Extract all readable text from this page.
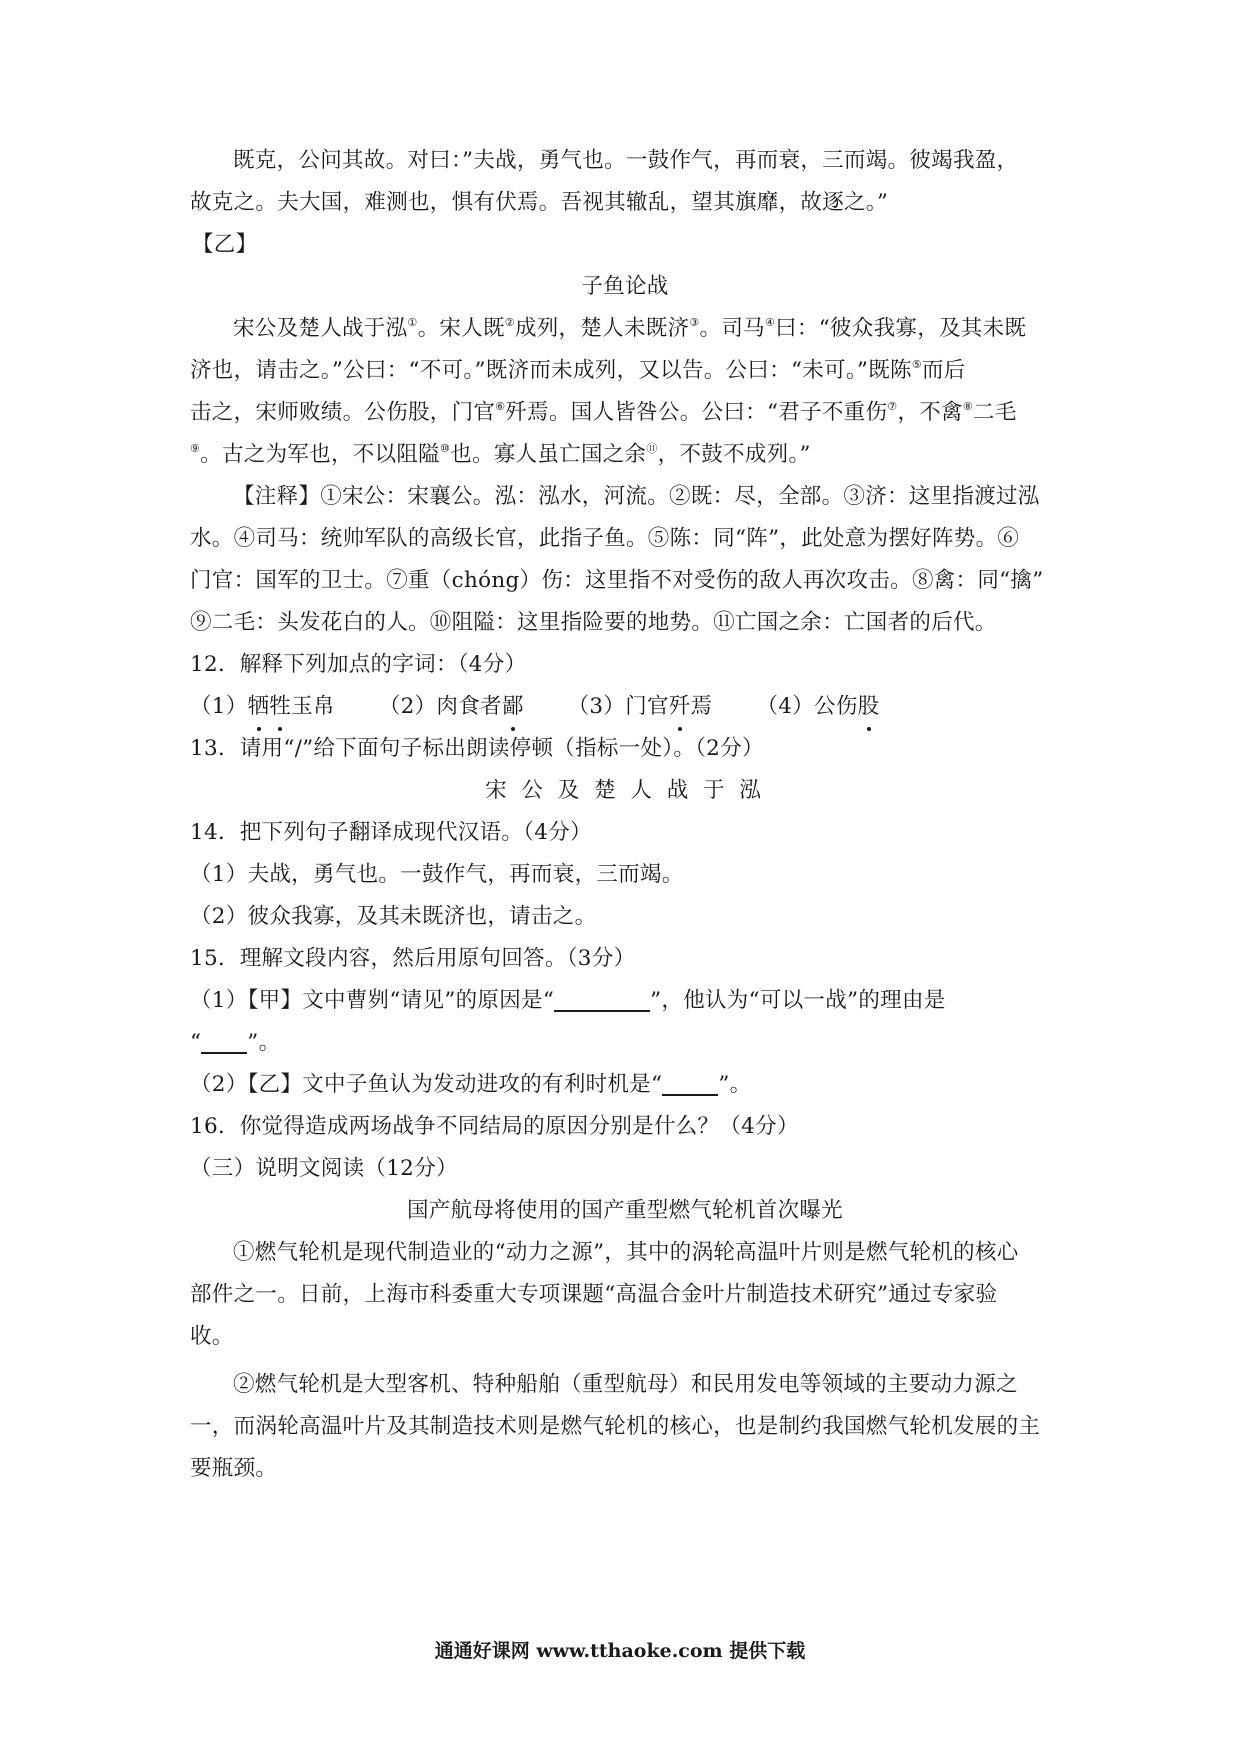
既克，公问其故。对曰：”夫战，勇气也。一鼓作气，再而衰，三而竭。彼竭我盈，
故克之。夫大国，难测也，惧有伏焉。吾视其辙乱，望其旗靡，故逐之。”
【乙】
子鱼论战
宋公及楚人战于泓①。宋人既②成列，楚人未既济③。司马④曰：“彼众我寡，及其未既
济也，请击之。”公曰：“不可。”既济而未成列，又以告。公曰：“未可。”既陈⑤而后
击之，宋师败绩。公伤股，门官⑥歼焉。国人皆咎公。公曰：“君子不重伤⑦，不禽⑧二毛
⑨。古之为军也，不以阻隘⑩也。寡人虽亡国之余⑪，不鼓不成列。”
【注释】①宋公：宋襄公。泓：泓水，河流。②既：尽，全部。③济：这里指渡过泓
水。④司马：统帅军队的高级长官，此指子鱼。⑤陈：同“阵”，此处意为摆好阵势。⑥
门官：国军的卫士。⑦重（chóng）伤：这里指不对受伤的敌人再次攻击。⑧禽：同“擒”
⑨二毛：头发花白的人。⑩阻隘：这里指险要的地势。⑪亡国之余：亡国者的后代。
12．解释下列加点的字词：（4分）
（1）牺牲玉帛 （2）肉食者鄙 （3）门官歼焉 （4）公伤股
13．请用“/”给下面句子标出朗读停顿（指标一处）。（2分）
宋 公 及 楚 人 战 于 泓
14．把下列句子翻译成现代汉语。（4分）
（1）夫战，勇气也。一鼓作气，再而衰，三而竭。
（2）彼众我寡，及其未既济也，请击之。
15．理解文段内容，然后用原句回答。（3分）
（1）【甲】文中曹刿“请见”的原因是“	”，他认为“可以一战”的理由是
“ ”。
（2）【乙】文中子鱼认为发动进攻的有利时机是“	”。
16．你觉得造成两场战争不同结局的原因分别是什么？（4分）
（三）说明文阅读（12分）
国产航母将使用的国产重型燃气轮机首次曝光
①燃气轮机是现代制造业的“动力之源”，其中的涡轮高温叶片则是燃气轮机的核心
部件之一。日前，上海市科委重大专项课题“高温合金叶片制造技术研究”通过专家验
收。
②燃气轮机是大型客机、特种船舶（重型航母）和民用发电等领域的主要动力源之
一，而涡轮高温叶片及其制造技术则是燃气轮机的核心，也是制约我国燃气轮机发展的主
要瓶颈。
通通好课网 www.tthaoke.com 提供下载
